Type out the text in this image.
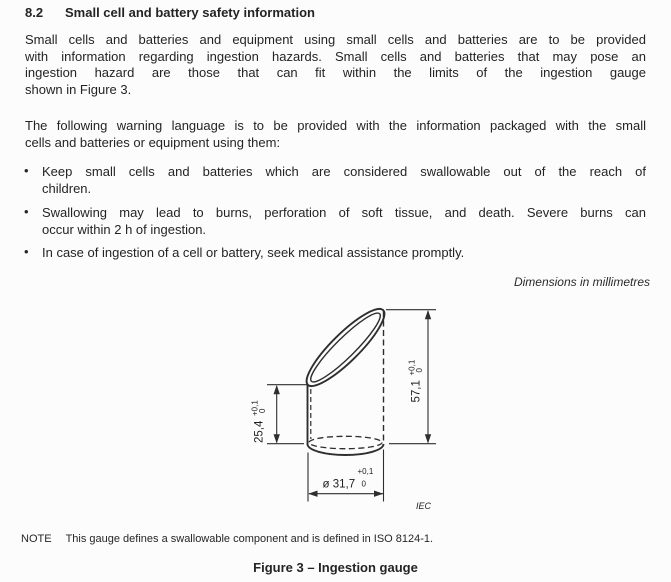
8.2 Small cell and battery safety information
Small cells and batteries and equipment using small cells and batteries are to be provided
with information regarding ingestion hazards. Small cells and batteries that may pose an
ingestion hazard are those that can fit within the limits of the ingestion gauge
shown in Figure 3.
The following warning language is to be provided with the information packaged with the small
cells and batteries or equipment using them:
• Keep small cells and batteries which are considered swallowable out of the reach of
children.
• Swallowing may lead to burns, perforation of soft tissue, and death. Severe burns can
occur within 2 h of ingestion.
• In case of ingestion of a cell or battery, seek medical assistance promptly.
Dimensions in millimetres
25,4
+0,1
0
57,1
+0,1
0
ø 31,7
+0,1
0
IEC
NOTE This gauge defines a swallowable component and is defined in ISO 8124-1.
Figure 3 – Ingestion gauge
